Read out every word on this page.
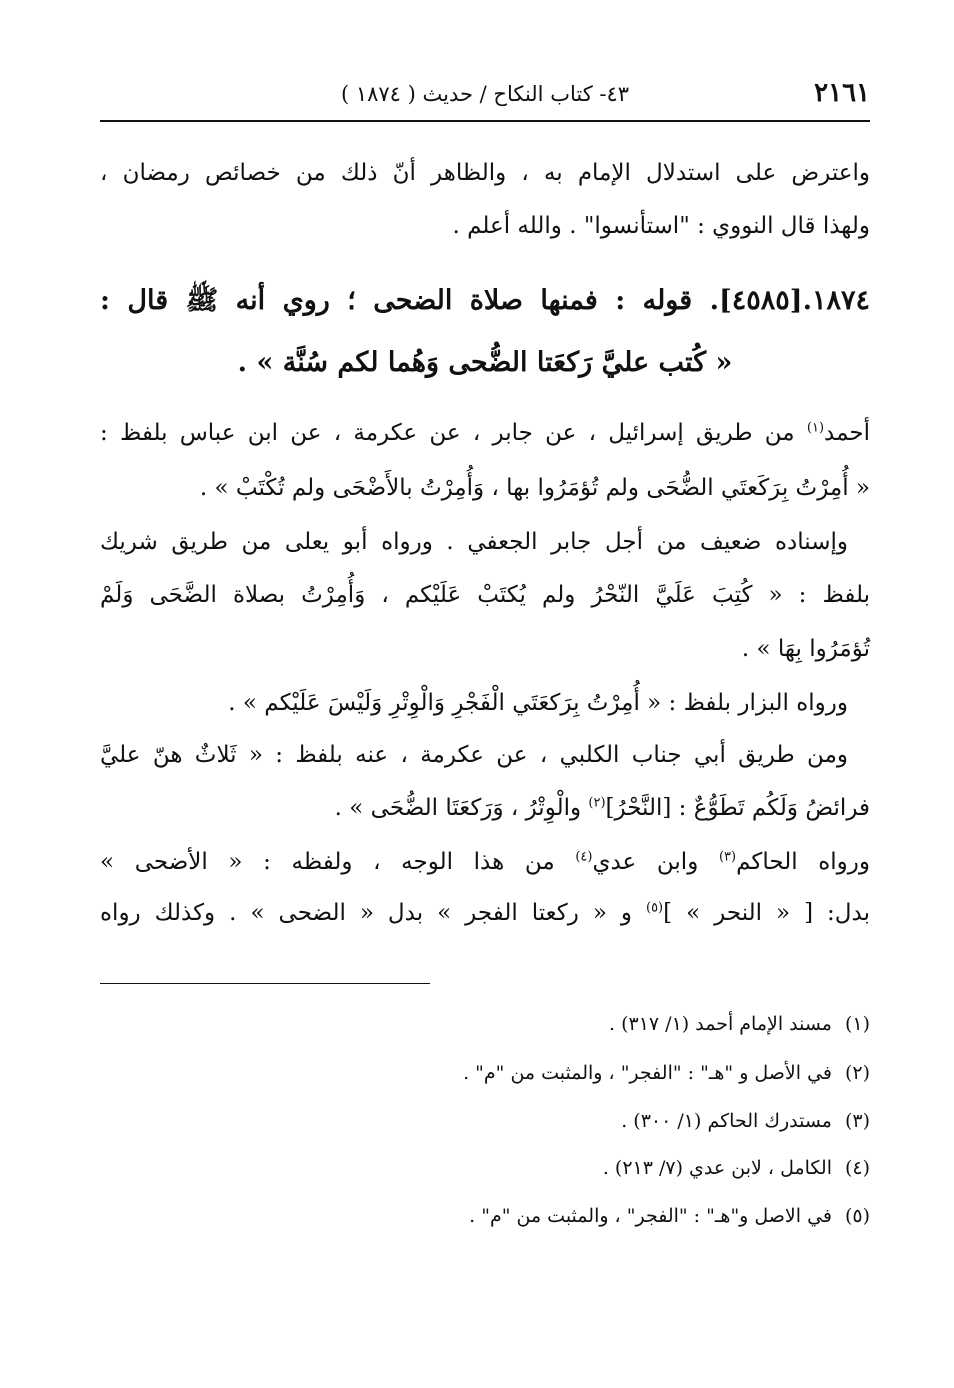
٢١٦١
٤٣- كتاب النكاح / حديث ( ١٨٧٤ )
واعترض على استدلال الإمام به ، والظاهر أنّ ذلك من خصائص رمضان ،
ولهذا قال النووي : "استأنسوا" . والله أعلم .
١٨٧٤.[٤٥٨٥]. قوله : فمنها صلاة الضحى ؛ روي أنه ﷺ قال :
« كُتب عليَّ رَكعَتا الضُّحى وَهُما لكم سُنَّة » .
أحمد$^{(١)}$ من طريق إسرائيل ، عن جابر ، عن عكرمة ، عن ابن عباس بلفظ :
« أُمِرْتُ بِرَكَعتَي الضُّحَى ولم تُؤمَرُوا بها ، وَأُمِرْتُ بالأَضْحَى ولم تُكْتَبْ » .
وإسناده ضعيف من أجل جابر الجعفي . ورواه أبو يعلى من طريق شريك
بلفظ : « كُتِبَ عَلَيَّ النّحْرُ ولم يُكتَبْ عَلَيْكم ، وَأُمِرْتُ بصلاة الضَّحَى وَلَمْ
تُؤمَرُوا بِهَا » .
ورواه البزار بلفظ : « أُمِرْتُ بِرَكعَتَي الْفَجْرِ وَالْوِتْرِ وَلَيْسَ عَلَيْكم » .
ومن طريق أبي جناب الكلبي ، عن عكرمة ، عنه بلفظ : « ثَلاثٌ هنّ عليَّ
فرائضُ وَلَكُم تَطَوُّعٌ : [النَّحْرُ]$^{(٢)}$ والْوِتْرُ ، وَرَكعَتَا الضُّحَى » .
ورواه الحاكم$^{(٣)}$ وابن عدي$^{(٤)}$ من هذا الوجه ، ولفظه : « الأضحى »
بدل: [ « النحر » ]$^{(٥)}$ و « ركعتا الفجر » بدل « الضحى » . وكذلك رواه
(١)مسند الإمام أحمد (١/ ٣١٧) .
(٢)في الأصل و "هـ" : "الفجر" ، والمثبت من "م" .
(٣)مستدرك الحاكم (١/ ٣٠٠) .
(٤)الكامل ، لابن عدي (٧/ ٢١٣) .
(٥)في الاصل و"هـ" : "الفجر" ، والمثبت من "م" .
